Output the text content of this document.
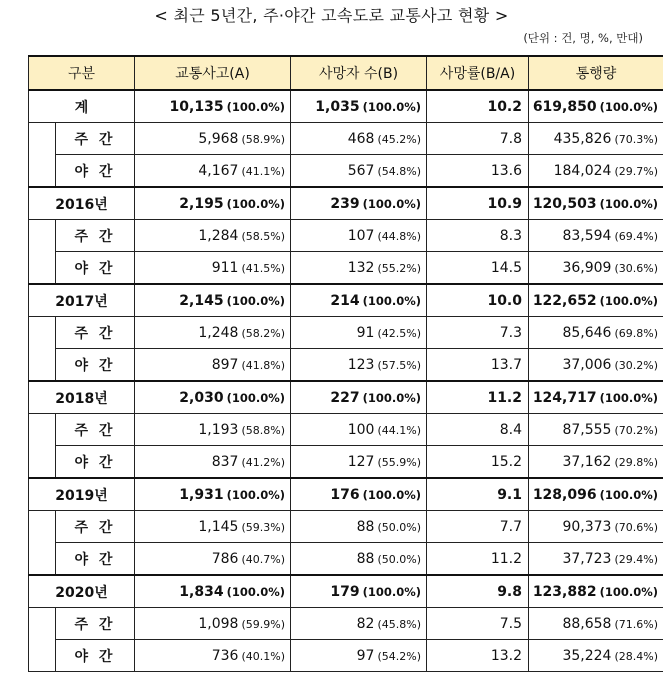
< 최근 5년간, 주·야간 고속도로 교통사고 현황 >
(단위 : 건, 명, %, 만대)
구분		교통사고(A)	사망자 수(B)	사망률(B/A)	통행량
계		10,135 (100.0%)	1,035 (100.0%)	10.2	619,850 (100.0%)
	주 간	5,968 (58.9%)	468 (45.2%)	7.8	435,826 (70.3%)
	야 간	4,167 (41.1%)	567 (54.8%)	13.6	184,024 (29.7%)
2016년		2,195 (100.0%)	239 (100.0%)	10.9	120,503 (100.0%)
	주 간	1,284 (58.5%)	107 (44.8%)	8.3	83,594 (69.4%)
	야 간	911 (41.5%)	132 (55.2%)	14.5	36,909 (30.6%)
2017년		2,145 (100.0%)	214 (100.0%)	10.0	122,652 (100.0%)
	주 간	1,248 (58.2%)	91 (42.5%)	7.3	85,646 (69.8%)
	야 간	897 (41.8%)	123 (57.5%)	13.7	37,006 (30.2%)
2018년		2,030 (100.0%)	227 (100.0%)	11.2	124,717 (100.0%)
	주 간	1,193 (58.8%)	100 (44.1%)	8.4	87,555 (70.2%)
	야 간	837 (41.2%)	127 (55.9%)	15.2	37,162 (29.8%)
2019년		1,931 (100.0%)	176 (100.0%)	9.1	128,096 (100.0%)
	주 간	1,145 (59.3%)	88 (50.0%)	7.7	90,373 (70.6%)
	야 간	786 (40.7%)	88 (50.0%)	11.2	37,723 (29.4%)
2020년		1,834 (100.0%)	179 (100.0%)	9.8	123,882 (100.0%)
	주 간	1,098 (59.9%)	82 (45.8%)	7.5	88,658 (71.6%)
	야 간	736 (40.1%)	97 (54.2%)	13.2	35,224 (28.4%)
